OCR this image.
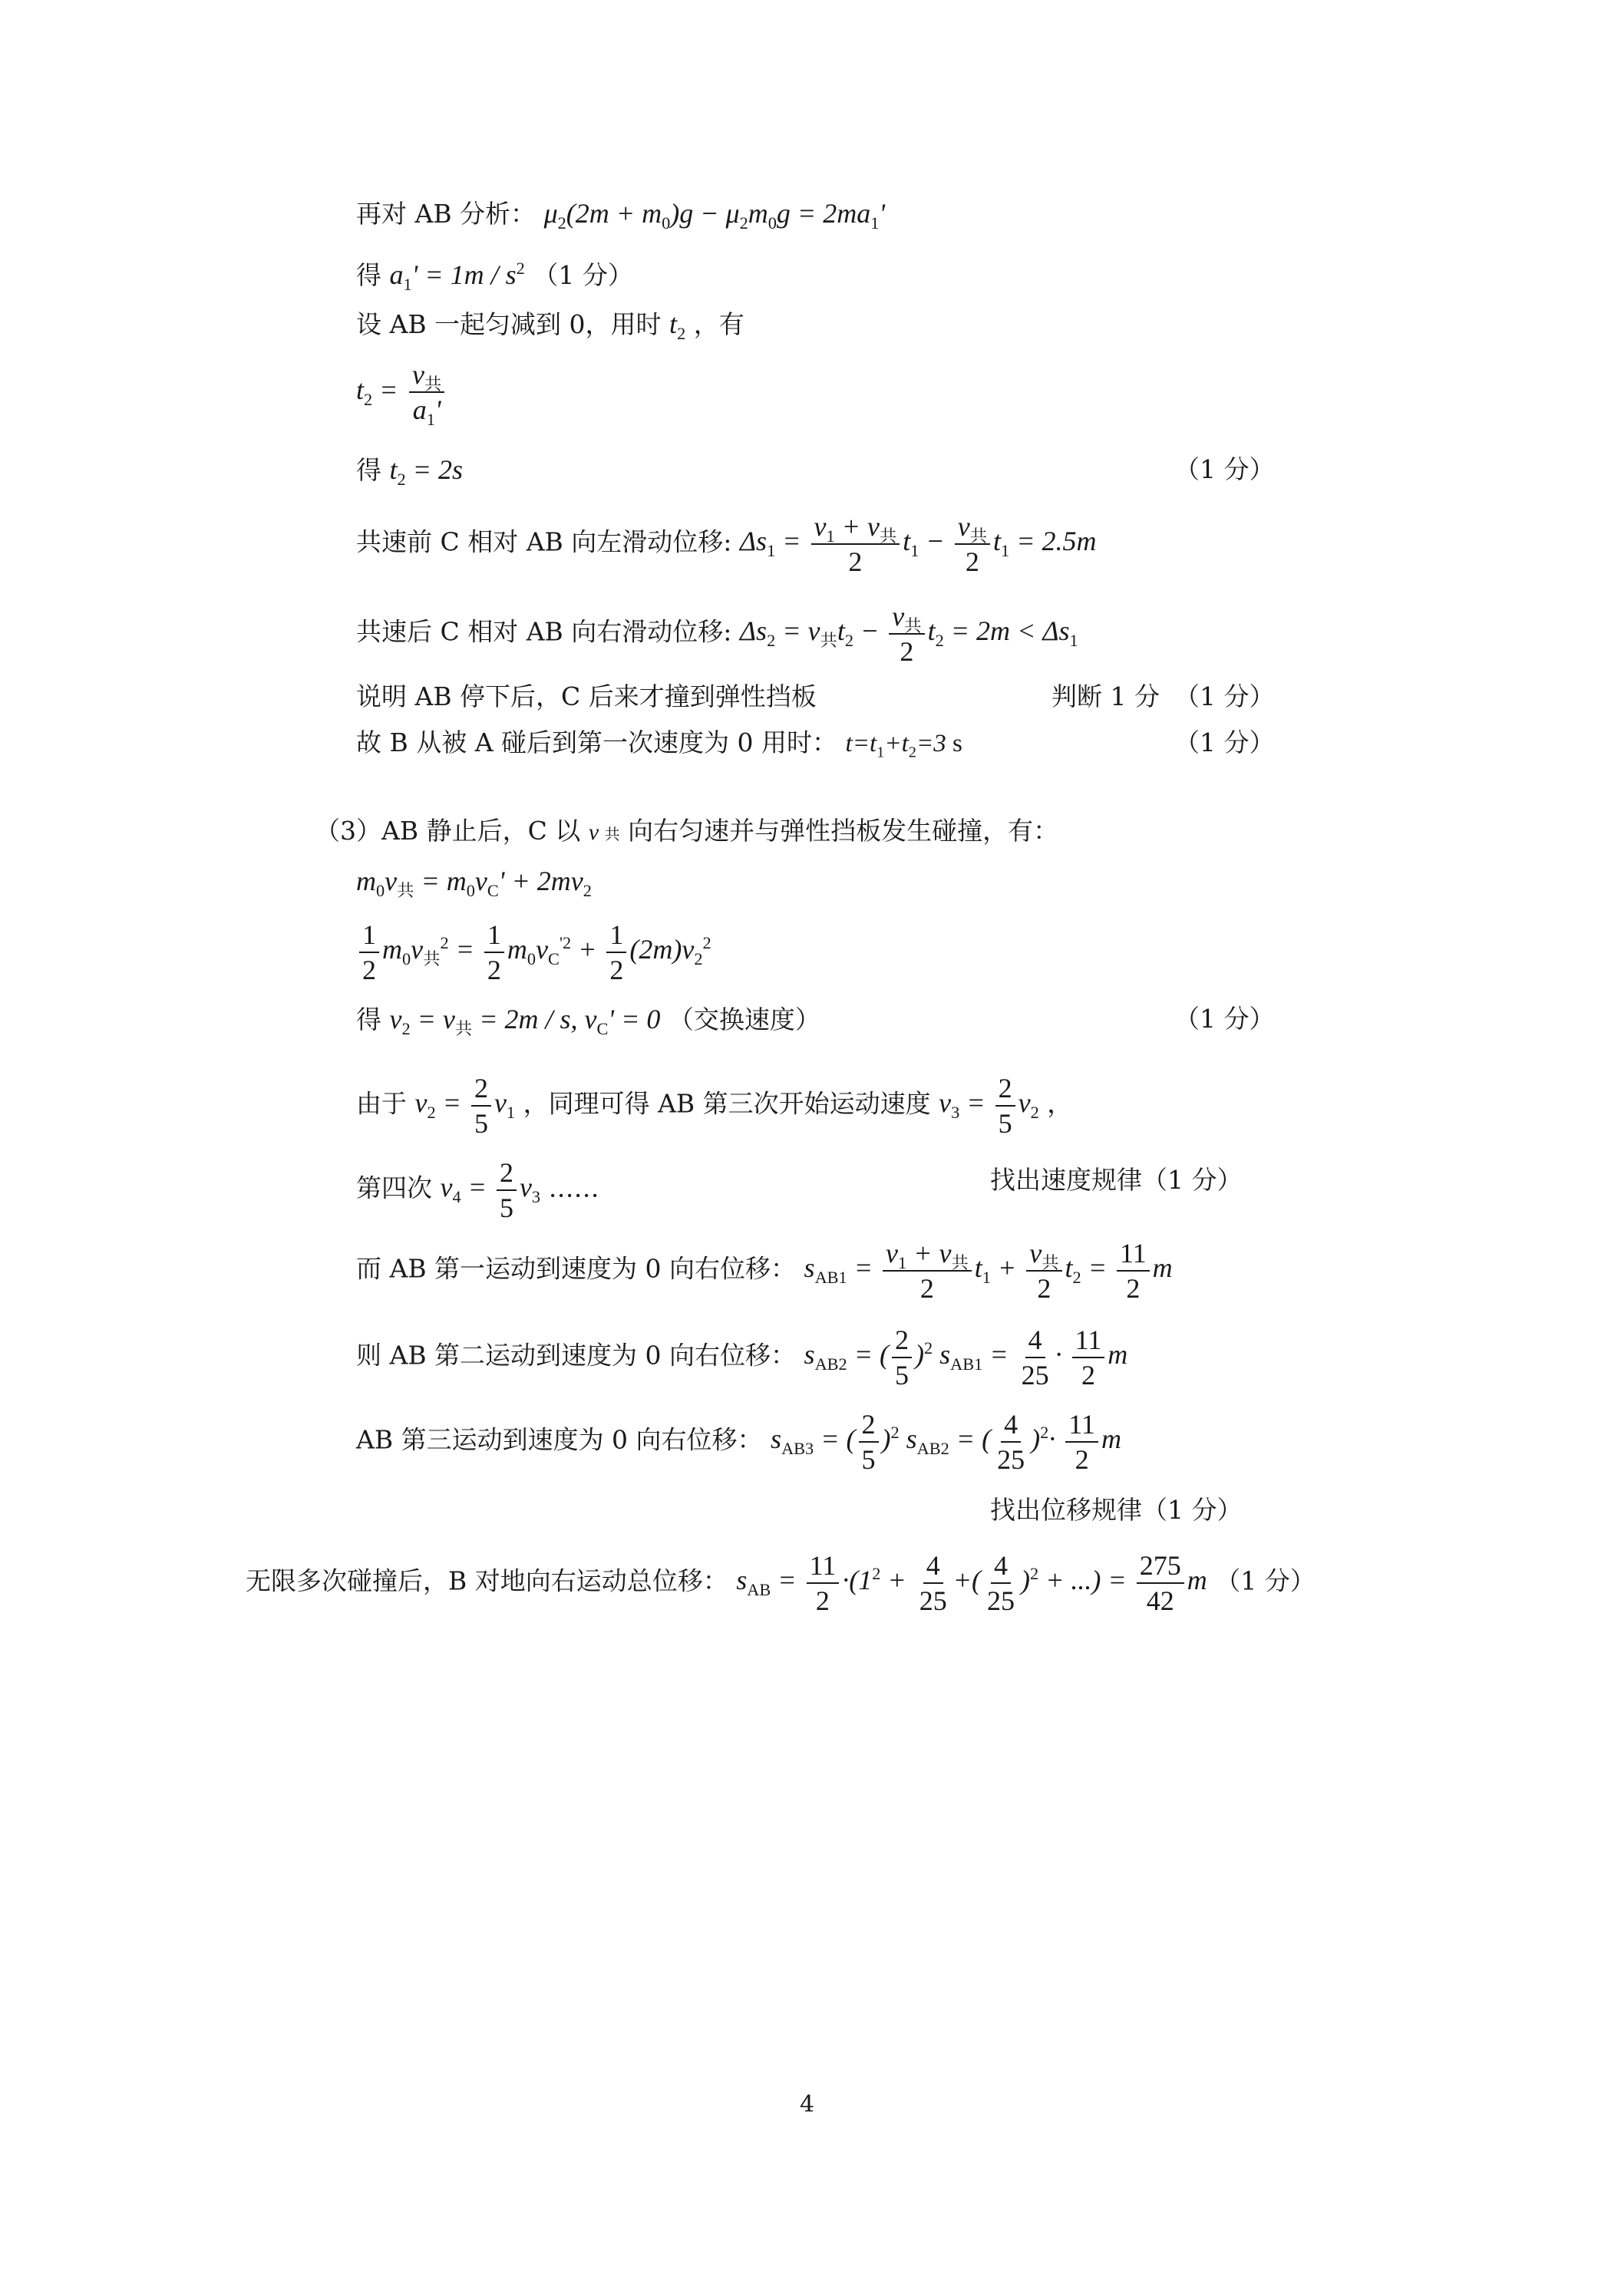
再对 AB 分析： $\mu_2(2m + m_0)g - \mu_2m_0g = 2ma_1'$
得 $a_1' = 1m / s^2$ （1 分）
设 AB 一起匀减到 0，用时 $t_2$ ，有
$t_2 = \frac{v_共}{a_1'}$
得 $t_2 = 2s$	（1 分）
共速前 C 相对 AB 向左滑动位移: $\Delta s_1 = \frac{v_1 + v_共}{2} t_1 - \frac{v_共}{2} t_1 = 2.5m$
共速后 C 相对 AB 向右滑动位移: $\Delta s_2 = v_共t_2 - \frac{v_共}{2} t_2 = 2m < \Delta s_1$
说明 AB 停下后，C 后来才撞到弹性挡板	判断 1 分 （1 分）
故 B 从被 A 碰后到第一次速度为 0 用时： $t=t_1+t_2=3$ s	（1 分）
（3）AB 静止后，C 以 v 共 向右匀速并与弹性挡板发生碰撞，有：
$m_0v_共 = m_0v_C' + 2mv_2$
$\frac{1}{2} m_0v_共^2 = \frac{1}{2} m_0v_C^{'2} + \frac{1}{2} (2m)v_2^2$
得 $v_2 = v_共 = 2m / s$, $v_C' = 0$ （交换速度）	（1 分）
由于 $v_2 = \frac{2}{5} v_1$ ，同理可得 AB 第三次开始运动速度 $v_3 = \frac{2}{5} v_2$ ，
第四次 $v_4 = \frac{2}{5} v_3$ ……	找出速度规律（1 分）
而 AB 第一运动到速度为 0 向右位移： $s_{AB1} = \frac{v_1 + v_共}{2} t_1 + \frac{v_共}{2} t_2 = \frac{11}{2}$ m
则 AB 第二运动到速度为 0 向右位移： $s_{AB2}$ = ( $\frac{2}{5} )^2$ $s_{AB1} = \frac{4}{25} \cdot \frac{11}{2}$ m
AB 第三运动到速度为 0 向右位移： $s_{AB3}$ = ( $\frac{2}{5} )^2$ $s_{AB2}$ = ( $\frac{4}{25} )^2\cdot \frac{11}{2}$ m
找出位移规律（1 分）
无限多次碰撞后，B 对地向右运动总位移： $s_{AB} = \frac{11}{2} \cdot(1^2 + \frac{4}{25}$ +( $\frac{4}{25} )^2$ + ...) = $\frac{275}{42}$ m （1 分）
4
